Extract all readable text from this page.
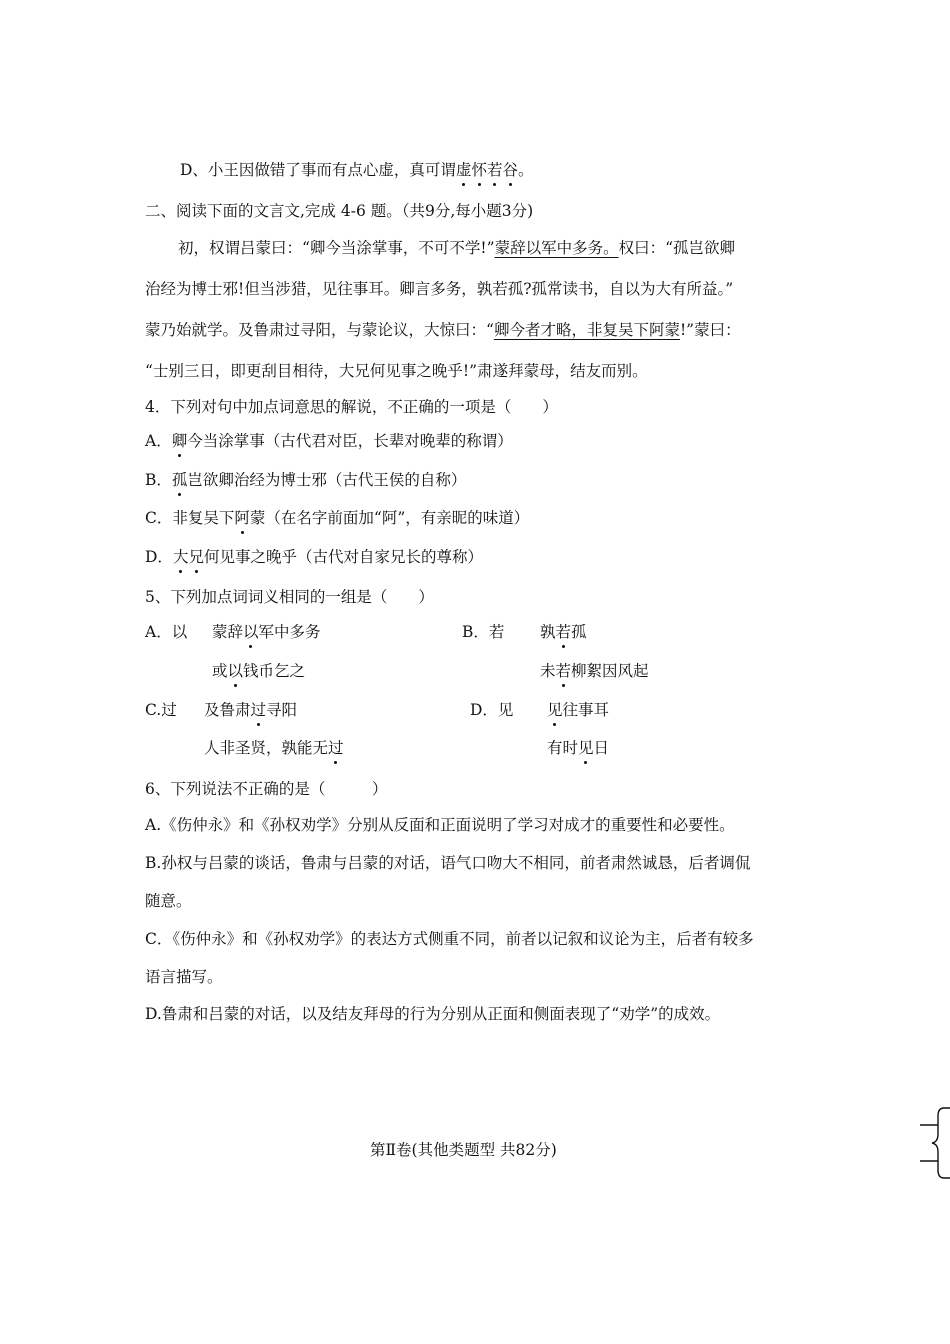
D、小王因做错了事而有点心虚，真可谓虚怀若谷。
二、阅读下面的文言文,完成 4-6 题。（共9分,每小题3分)
初，权谓吕蒙曰：“卿今当涂掌事，不可不学!”蒙辞以军中多务。权曰：“孤岂欲卿
治经为博士邪!但当涉猎，见往事耳。卿言多务，孰若孤?孤常读书，自以为大有所益。”
蒙乃始就学。及鲁肃过寻阳，与蒙论议，大惊曰：“卿今者才略，非复吴下阿蒙!”蒙曰：
“士别三日，即更刮目相待，大兄何见事之晚乎!”肃遂拜蒙母，结友而别。
4．下列对句中加点词意思的解说，不正确的一项是（　　）
A．卿今当涂掌事（古代君对臣，长辈对晚辈的称谓）
B．孤岂欲卿治经为博士邪（古代王侯的自称）
C．非复吴下阿蒙（在名字前面加“阿”，有亲昵的味道）
D．大兄何见事之晚乎（古代对自家兄长的尊称）
5、下列加点词词义相同的一组是（　　）
A．以 蒙辞以军中多务	B．若 孰若孤
或以钱币乞之	未若柳絮因风起
C.过 及鲁肃过寻阳	D．见 见往事耳
人非圣贤，孰能无过	有时见日
6、下列说法不正确的是（　　　）
A.《伤仲永》和《孙权劝学》分别从反面和正面说明了学习对成才的重要性和必要性。
B.孙权与吕蒙的谈话，鲁肃与吕蒙的对话，语气口吻大不相同，前者肃然诚恳，后者调侃
随意。
C．《伤仲永》和《孙权劝学》的表达方式侧重不同，前者以记叙和议论为主，后者有较多
语言描写。
D.鲁肃和吕蒙的对话，以及结友拜母的行为分别从正面和侧面表现了“劝学”的成效。
第Ⅱ卷(其他类题型 共82分)
